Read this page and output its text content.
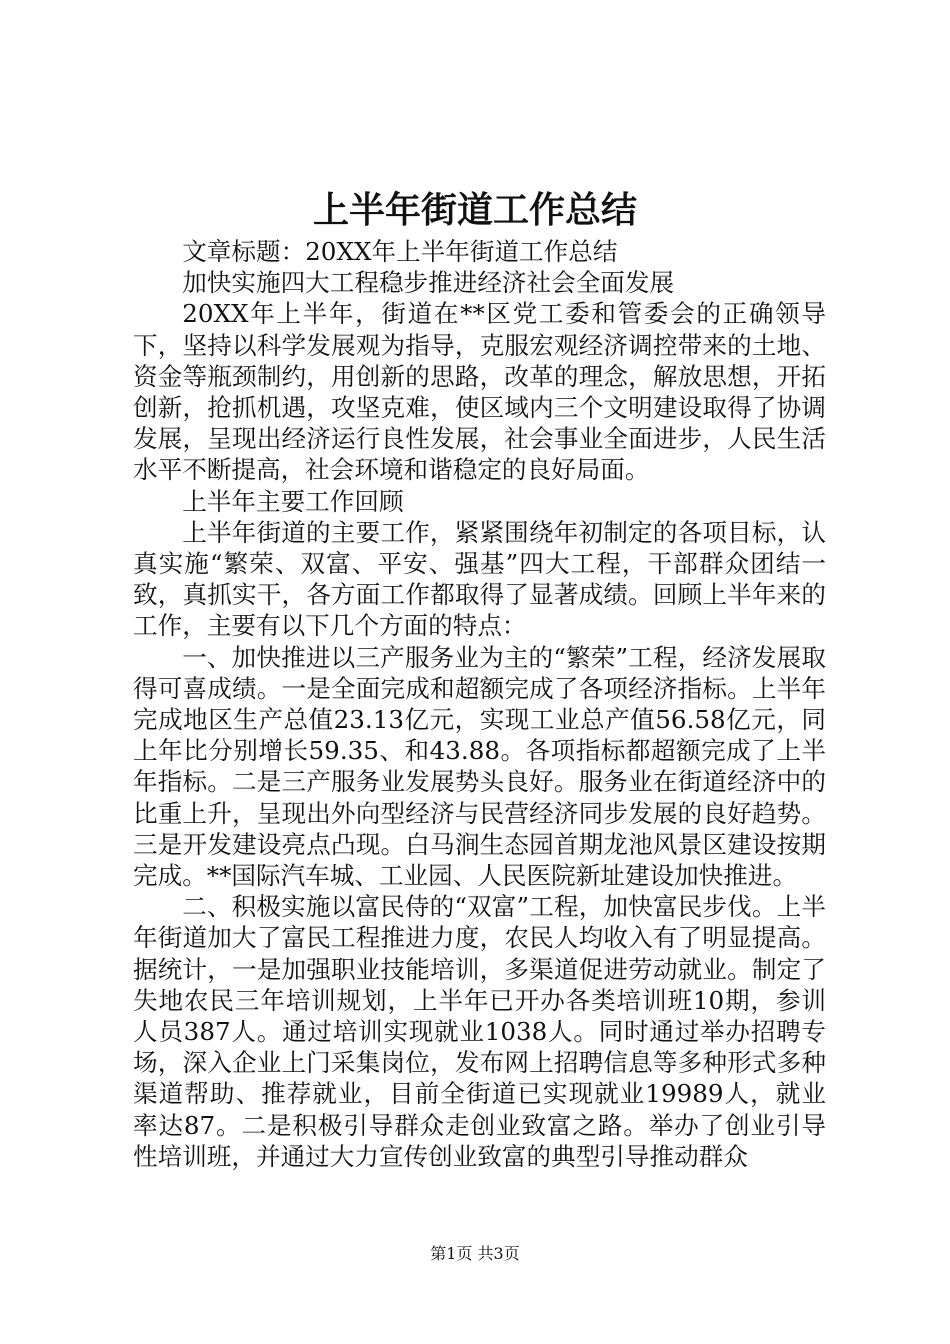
上半年街道工作总结

文章标题：20XX年上半年街道工作总结

加快实施四大工程稳步推进经济社会全面发展

20XX年上半年，街道在**区党工委和管委会的正确领导下，坚持以科学发展观为指导，克服宏观经济调控带来的土地、资金等瓶颈制约，用创新的思路，改革的理念，解放思想，开拓创新，抢抓机遇，攻坚克难，使区域内三个文明建设取得了协调发展，呈现出经济运行良性发展，社会事业全面进步，人民生活水平不断提高，社会环境和谐稳定的良好局面。

上半年主要工作回顾

上半年街道的主要工作，紧紧围绕年初制定的各项目标，认真实施“繁荣、双富、平安、强基”四大工程，干部群众团结一致，真抓实干，各方面工作都取得了显著成绩。回顾上半年来的工作，主要有以下几个方面的特点：

一、加快推进以三产服务业为主的“繁荣”工程，经济发展取得可喜成绩。一是全面完成和超额完成了各项经济指标。上半年完成地区生产总值23.13亿元，实现工业总产值56.58亿元，同上年比分别增长59.35、和43.88。各项指标都超额完成了上半年指标。二是三产服务业发展势头良好。服务业在街道经济中的比重上升，呈现出外向型经济与民营经济同步发展的良好趋势。三是开发建设亮点凸现。白马涧生态园首期龙池风景区建设按期完成。**国际汽车城、工业园、人民医院新址建设加快推进。

二、积极实施以富民侍的“双富”工程，加快富民步伐。上半年街道加大了富民工程推进力度，农民人均收入有了明显提高。据统计，一是加强职业技能培训，多渠道促进劳动就业。制定了失地农民三年培训规划，上半年已开办各类培训班10期，参训人员387人。通过培训实现就业1038人。同时通过举办招聘专场，深入企业上门采集岗位，发布网上招聘信息等多种形式多种渠道帮助、推荐就业，目前全街道已实现就业19989人，就业率达87。二是积极引导群众走创业致富之路。举办了创业引导性培训班，并通过大力宣传创业致富的典型引导推动群众

第1页 共3页
